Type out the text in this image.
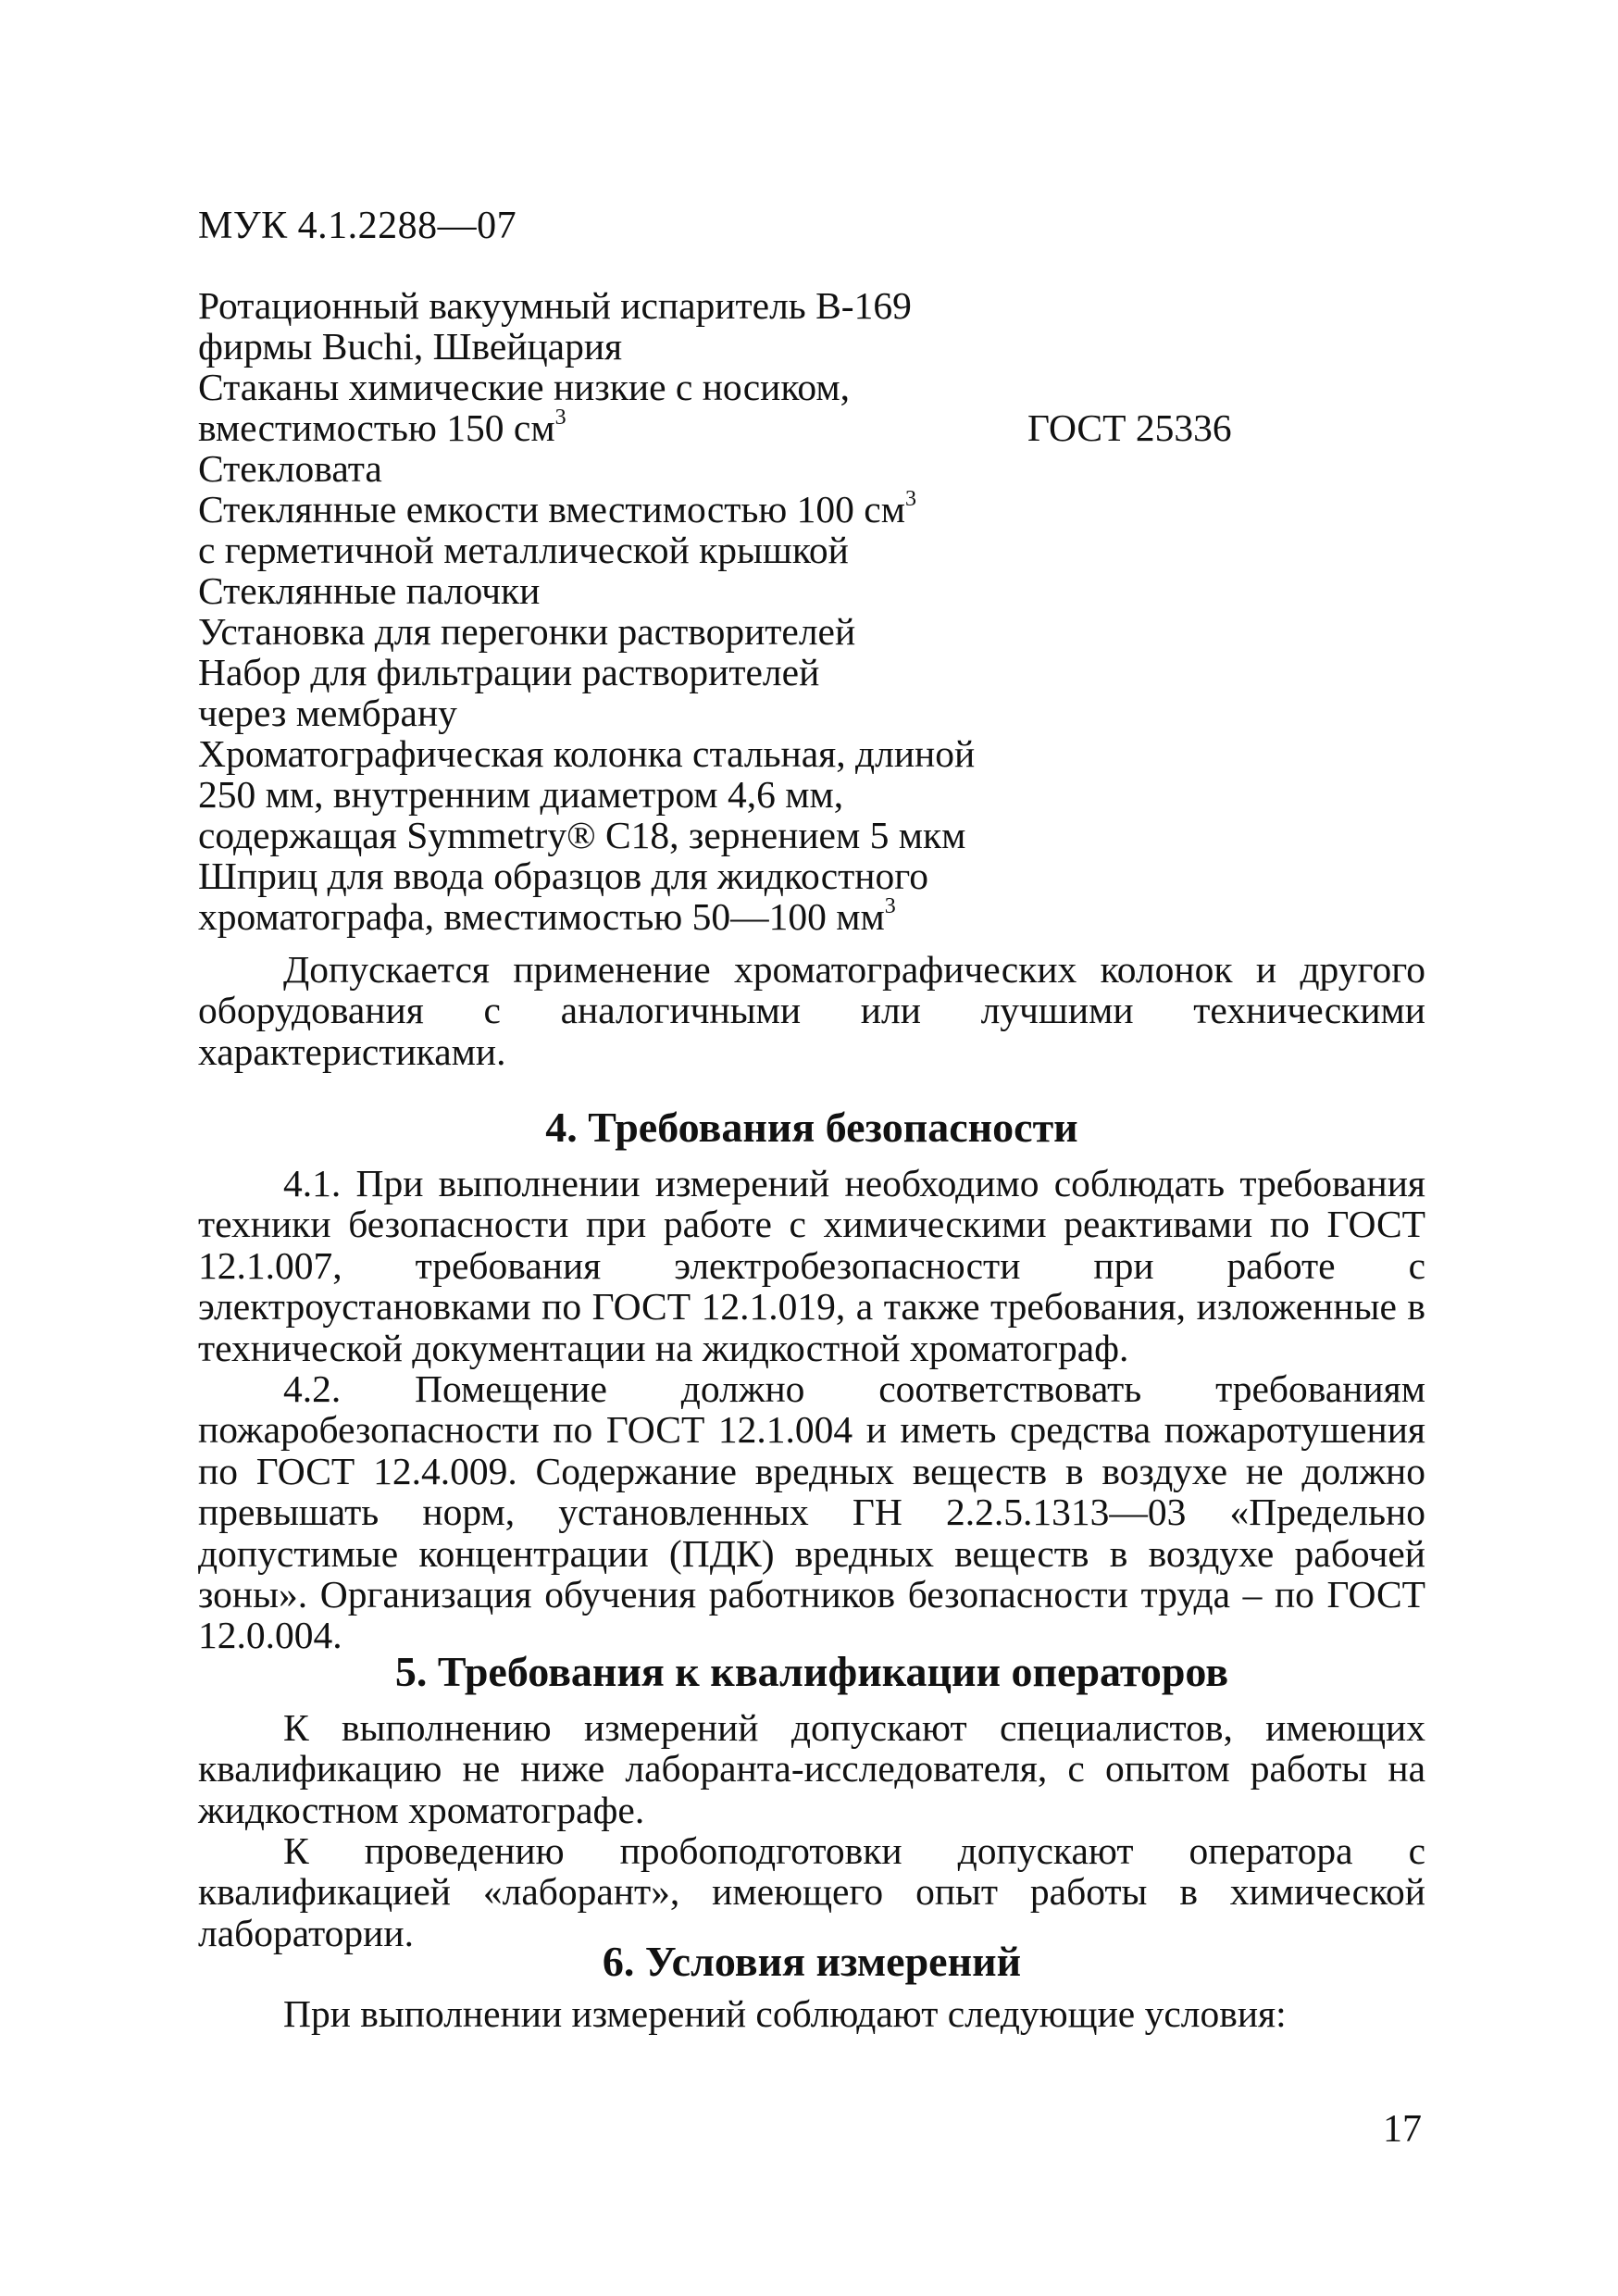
МУК 4.1.2288—07
Ротационный вакуумный испаритель B-169
фирмы Buchi, Швейцария
Стаканы химические низкие с носиком,
вместимостью 150 $см^3$	ГОСТ 25336
Стекловата
Стеклянные емкости вместимостью 100 $см^3$
с герметичной металлической крышкой
Стеклянные палочки
Установка для перегонки растворителей
Набор для фильтрации растворителей
через мембрану
Хроматографическая колонка стальная, длиной
250 мм, внутренним диаметром 4,6 мм,
содержащая Symmetry® C18, зернением 5 мкм
Шприц для ввода образцов для жидкостного
хроматографа, вместимостью 50—100 $мм^3$
Допускается применение хроматографических колонок и другого оборудования с аналогичными или лучшими техническими характеристиками.
4. Требования безопасности
4.1. При выполнении измерений необходимо соблюдать требования техники безопасности при работе с химическими реактивами по ГОСТ 12.1.007, требования электробезопасности при работе с электроустановками по ГОСТ 12.1.019, а также требования, изложенные в технической документации на жидкостной хроматограф.
4.2. Помещение должно соответствовать требованиям пожаробезопасности по ГОСТ 12.1.004 и иметь средства пожаротушения по ГОСТ 12.4.009. Содержание вредных веществ в воздухе не должно превышать норм, установленных ГН 2.2.5.1313—03 «Предельно допустимые концентрации (ПДК) вредных веществ в воздухе рабочей зоны». Организация обучения работников безопасности труда – по ГОСТ 12.0.004.
5. Требования к квалификации операторов
К выполнению измерений допускают специалистов, имеющих квалификацию не ниже лаборанта-исследователя, с опытом работы на жидкостном хроматографе.
К проведению пробоподготовки допускают оператора с квалификацией «лаборант», имеющего опыт работы в химической лаборатории.
6. Условия измерений
При выполнении измерений соблюдают следующие условия:
17
